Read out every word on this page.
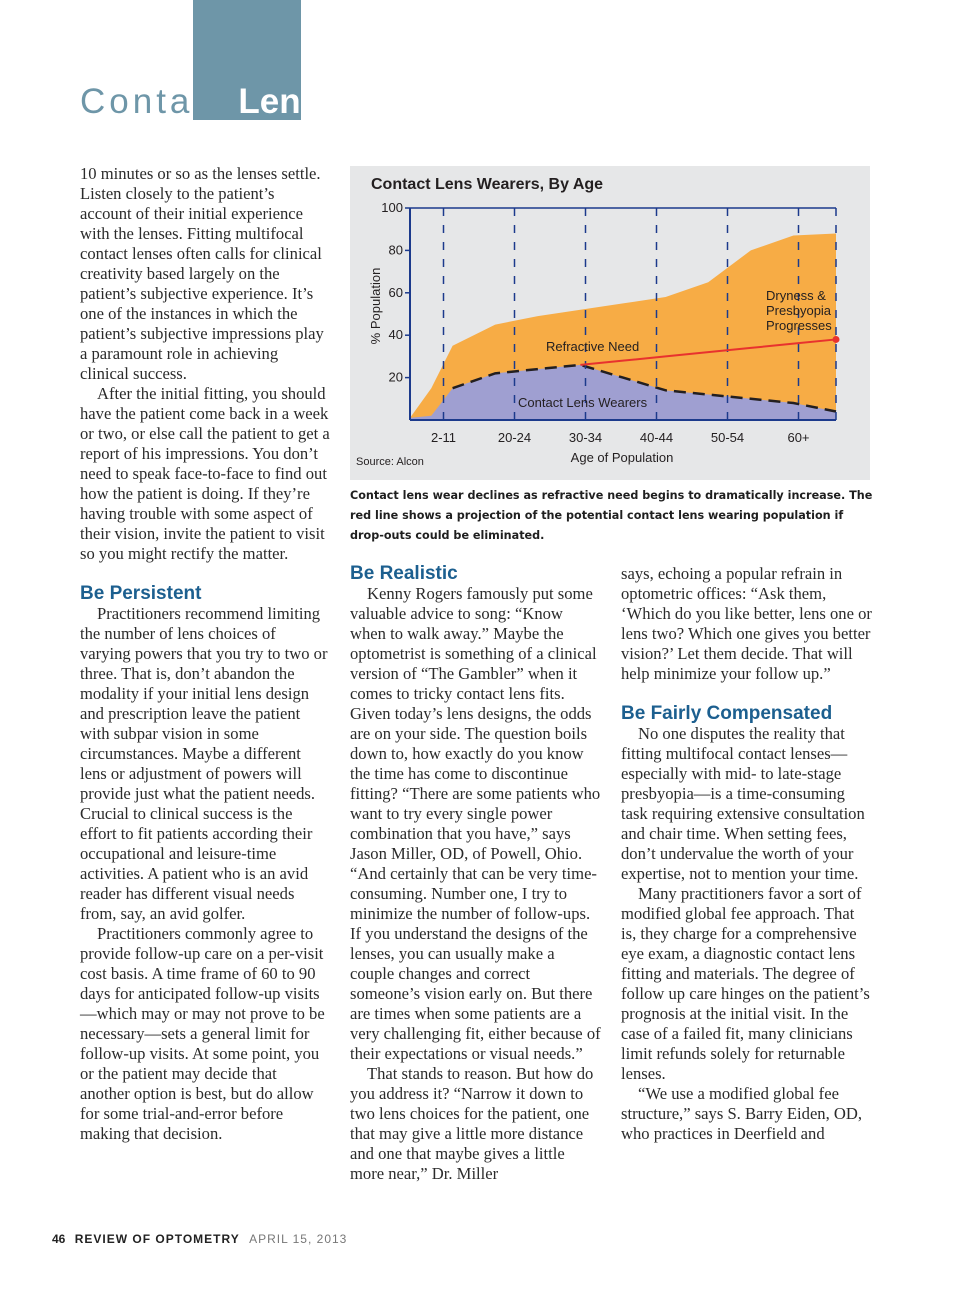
Contact Lenses

10 minutes or so as the lenses settle. Listen closely to the patient’s account of their initial experience with the lenses. Fitting multifocal contact lenses often calls for clinical creativity based largely on the patient’s subjective experience. It’s one of the instances in which the patient’s subjective impressions play a paramount role in achieving clinical success.

After the initial fitting, you should have the patient come back in a week or two, or else call the patient to get a report of his impressions. You don’t need to speak face-to-face to find out how the patient is doing. If they’re having trouble with some aspect of their vision, invite the patient to visit so you might rectify the matter.

Be Persistent

Practitioners recommend limiting the number of lens choices of varying powers that you try to two or three. That is, don’t abandon the modality if your initial lens design and prescription leave the patient with subpar vision in some circumstances. Maybe a different lens or adjustment of powers will provide just what the patient needs. Crucial to clinical success is the effort to fit patients according their occupational and leisure-time activities. A patient who is an avid reader has different visual needs from, say, an avid golfer.

Practitioners commonly agree to provide follow-up care on a per-visit cost basis. A time frame of 60 to 90 days for anticipated follow-up visits—which may or may not prove to be necessary—sets a general limit for follow-up visits. At some point, you or the patient may decide that another option is best, but do allow for some trial-and-error before making that decision.

Contact Lens Wearers, By Age
% Population
100
80
60
40
20
2-11	20-24	30-34	40-44	50-54	60+
Refractive Need
Contact Lens Wearers
Dryness &
Presbyopia
Progresses
Source: Alcon	Age of Population
Contact lens wear declines as refractive need begins to dramatically increase. The red line shows a projection of the potential contact lens wearing population if drop-outs could be eliminated.
Be Realistic

Kenny Rogers famously put some valuable advice to song: “Know when to walk away.” Maybe the optometrist is something of a clinical version of “The Gambler” when it comes to tricky contact lens fits. Given today’s lens designs, the odds are on your side. The question boils down to, how exactly do you know the time has come to discontinue fitting? “There are some patients who want to try every single power combination that you have,” says Jason Miller, OD, of Powell, Ohio. “And certainly that can be very time-consuming. Number one, I try to minimize the number of follow-ups. If you understand the designs of the lenses, you can usually make a couple changes and correct someone’s vision early on. But there are times when some patients are a very challenging fit, either because of their expectations or visual needs.”

That stands to reason. But how do you address it? “Narrow it down to two lens choices for the patient, one that may give a little more distance and one that maybe gives a little more near,” Dr. Miller

says, echoing a popular refrain in optometric offices: “Ask them, ‘Which do you like better, lens one or lens two? Which one gives you better vision?’ Let them decide. That will help minimize your follow up.”

Be Fairly Compensated

No one disputes the reality that fitting multifocal contact lenses—especially with mid- to late-stage presbyopia—is a time-consuming task requiring extensive consultation and chair time. When setting fees, don’t undervalue the worth of your expertise, not to mention your time.

Many practitioners favor a sort of modified global fee approach. That is, they charge for a comprehensive eye exam, a diagnostic contact lens fitting and materials. The degree of follow up care hinges on the patient’s prognosis at the initial visit. In the case of a failed fit, many clinicians limit refunds solely for returnable lenses.

“We use a modified global fee structure,” says S. Barry Eiden, OD, who practices in Deerfield and

46 REVIEW OF OPTOMETRY APRIL 15, 2013
